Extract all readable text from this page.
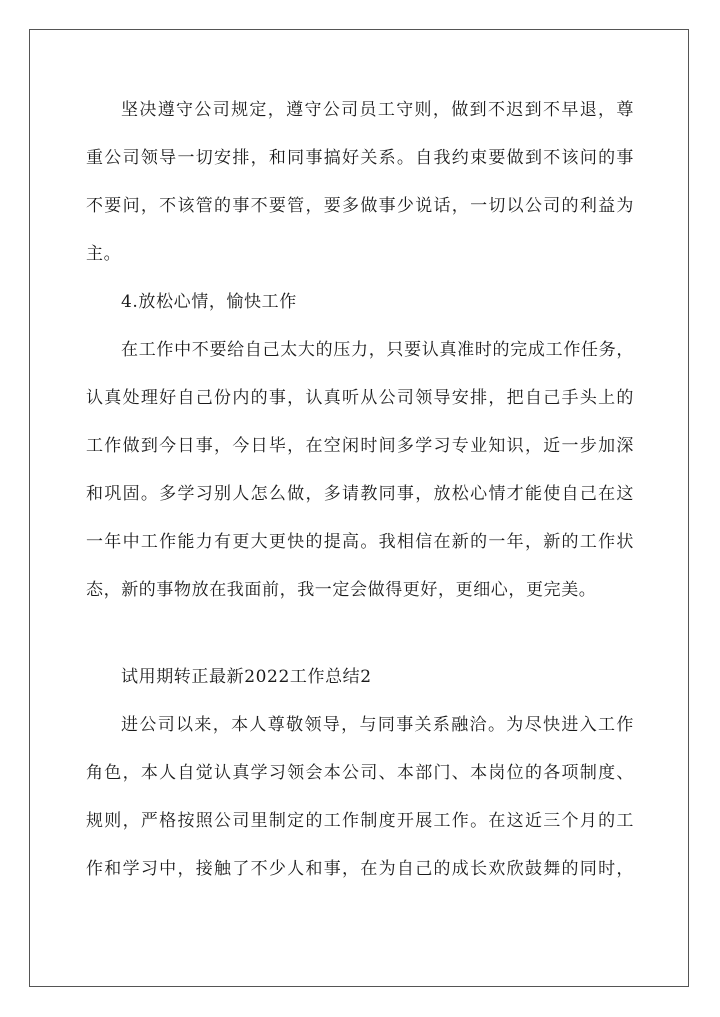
坚决遵守公司规定，遵守公司员工守则，做到不迟到不早退，尊
重公司领导一切安排，和同事搞好关系。自我约束要做到不该问的事
不要问，不该管的事不要管，要多做事少说话，一切以公司的利益为
主。
4.放松心情，愉快工作
在工作中不要给自己太大的压力，只要认真准时的完成工作任务，
认真处理好自己份内的事，认真听从公司领导安排，把自己手头上的
工作做到今日事，今日毕，在空闲时间多学习专业知识，近一步加深
和巩固。多学习别人怎么做，多请教同事，放松心情才能使自己在这
一年中工作能力有更大更快的提高。我相信在新的一年，新的工作状
态，新的事物放在我面前，我一定会做得更好，更细心，更完美。
试用期转正最新2022工作总结2
进公司以来，本人尊敬领导，与同事关系融洽。为尽快进入工作
角色，本人自觉认真学习领会本公司、本部门、本岗位的各项制度、
规则，严格按照公司里制定的工作制度开展工作。在这近三个月的工
作和学习中，接触了不少人和事，在为自己的成长欢欣鼓舞的同时，
